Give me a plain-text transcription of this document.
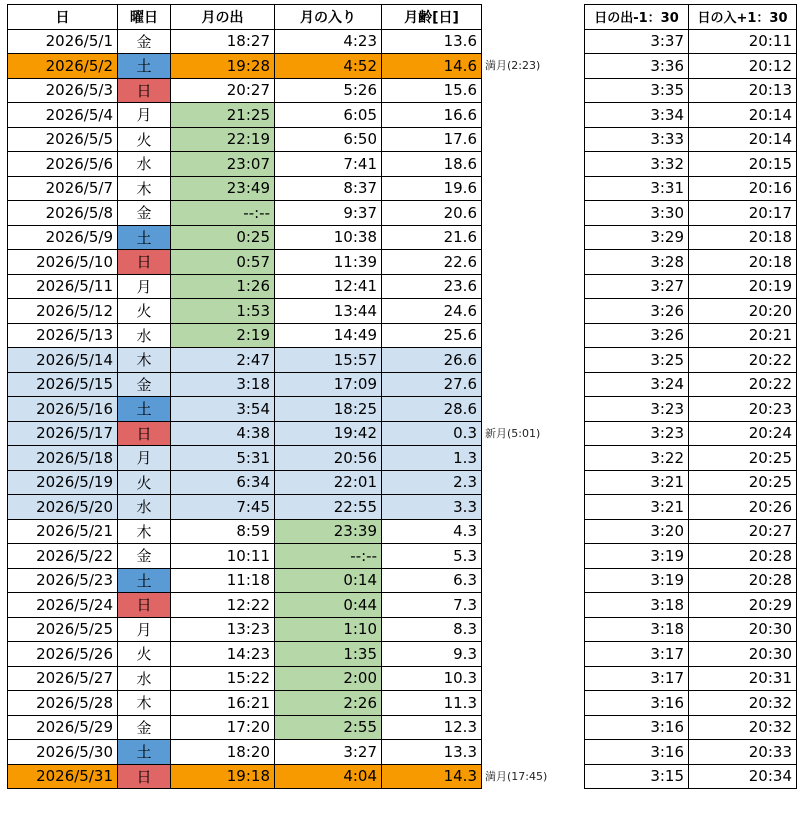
日	曜日	月の出	月の入り	月齢[日]
2026/5/1	金	18:27	4:23	13.6
2026/5/2	土	19:28	4:52	14.6
2026/5/3	日	20:27	5:26	15.6
2026/5/4	月	21:25	6:05	16.6
2026/5/5	火	22:19	6:50	17.6
2026/5/6	水	23:07	7:41	18.6
2026/5/7	木	23:49	8:37	19.6
2026/5/8	金	--:--	9:37	20.6
2026/5/9	土	0:25	10:38	21.6
2026/5/10	日	0:57	11:39	22.6
2026/5/11	月	1:26	12:41	23.6
2026/5/12	火	1:53	13:44	24.6
2026/5/13	水	2:19	14:49	25.6
2026/5/14	木	2:47	15:57	26.6
2026/5/15	金	3:18	17:09	27.6
2026/5/16	土	3:54	18:25	28.6
2026/5/17	日	4:38	19:42	0.3
2026/5/18	月	5:31	20:56	1.3
2026/5/19	火	6:34	22:01	2.3
2026/5/20	水	7:45	22:55	3.3
2026/5/21	木	8:59	23:39	4.3
2026/5/22	金	10:11	--:--	5.3
2026/5/23	土	11:18	0:14	6.3
2026/5/24	日	12:22	0:44	7.3
2026/5/25	月	13:23	1:10	8.3
2026/5/26	火	14:23	1:35	9.3
2026/5/27	水	15:22	2:00	10.3
2026/5/28	木	16:21	2:26	11.3
2026/5/29	金	17:20	2:55	12.3
2026/5/30	土	18:20	3:27	13.3
2026/5/31	日	19:18	4:04	14.3
日の出-1：30	日の入+1：30
3:37	20:11
3:36	20:12
3:35	20:13
3:34	20:14
3:33	20:14
3:32	20:15
3:31	20:16
3:30	20:17
3:29	20:18
3:28	20:18
3:27	20:19
3:26	20:20
3:26	20:21
3:25	20:22
3:24	20:22
3:23	20:23
3:23	20:24
3:22	20:25
3:21	20:25
3:21	20:26
3:20	20:27
3:19	20:28
3:19	20:28
3:18	20:29
3:18	20:30
3:17	20:30
3:17	20:31
3:16	20:32
3:16	20:32
3:16	20:33
3:15	20:34
満月(2:23)
新月(5:01)
満月(17:45)
